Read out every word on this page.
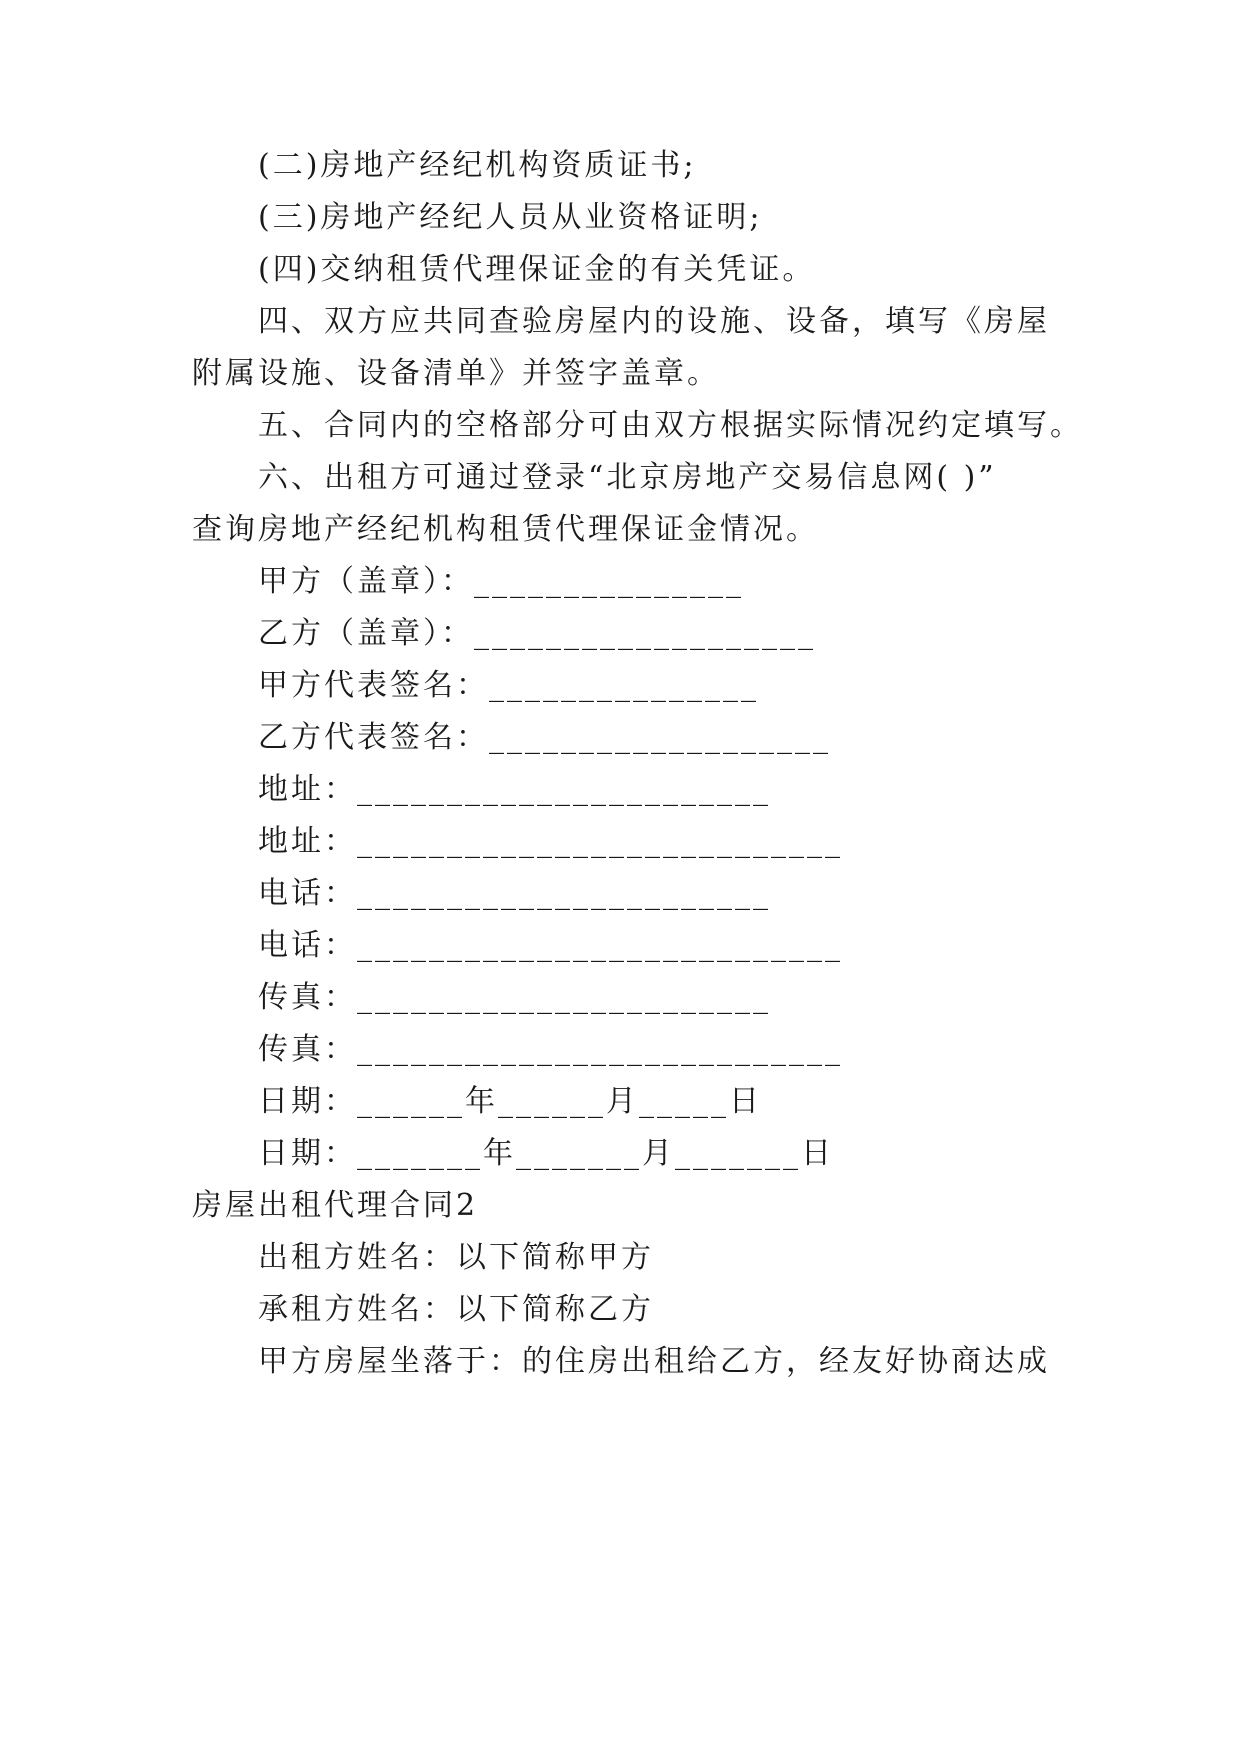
(二)房地产经纪机构资质证书;
(三)房地产经纪人员从业资格证明;
(四)交纳租赁代理保证金的有关凭证。
四、双方应共同查验房屋内的设施、设备，填写《房屋
附属设施、设备清单》并签字盖章。
五、合同内的空格部分可由双方根据实际情况约定填写。
六、出租方可通过登录“北京房地产交易信息网( )”
查询房地产经纪机构租赁代理保证金情况。
甲方（盖章）：_______________
乙方（盖章）：___________________
甲方代表签名：_______________
乙方代表签名：___________________
地址：_______________________
地址：___________________________
电话：_______________________
电话：___________________________
传真：_______________________
传真：___________________________
日期：______年______月_____日
日期：_______年_______月_______日
房屋出租代理合同2
出租方姓名：以下简称甲方
承租方姓名：以下简称乙方
甲方房屋坐落于：的住房出租给乙方，经友好协商达成
